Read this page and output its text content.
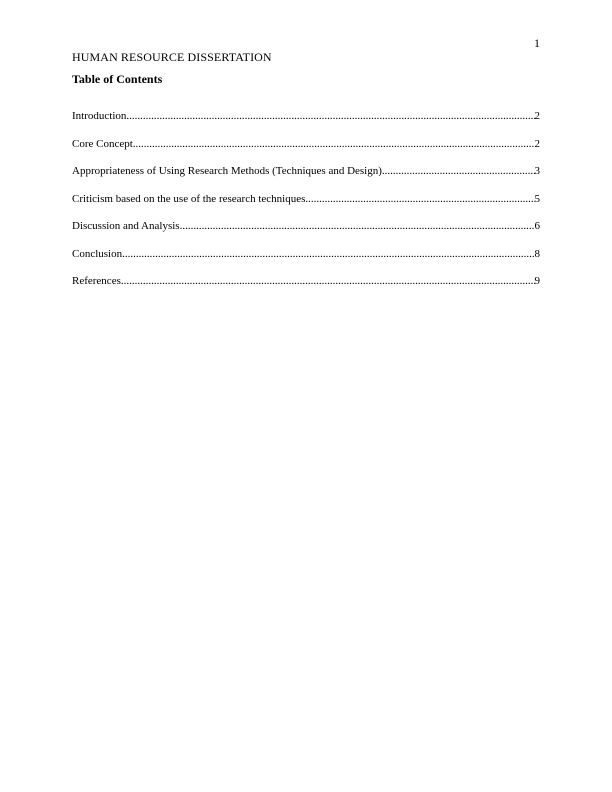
1
HUMAN RESOURCE DISSERTATION
Table of Contents
Introduction .....	2
Core Concept .....	2
Appropriateness of Using Research Methods (Techniques and Design) .....	3
Criticism based on the use of the research techniques .....	5
Discussion and Analysis .....	6
Conclusion .....	8
References .....	9
